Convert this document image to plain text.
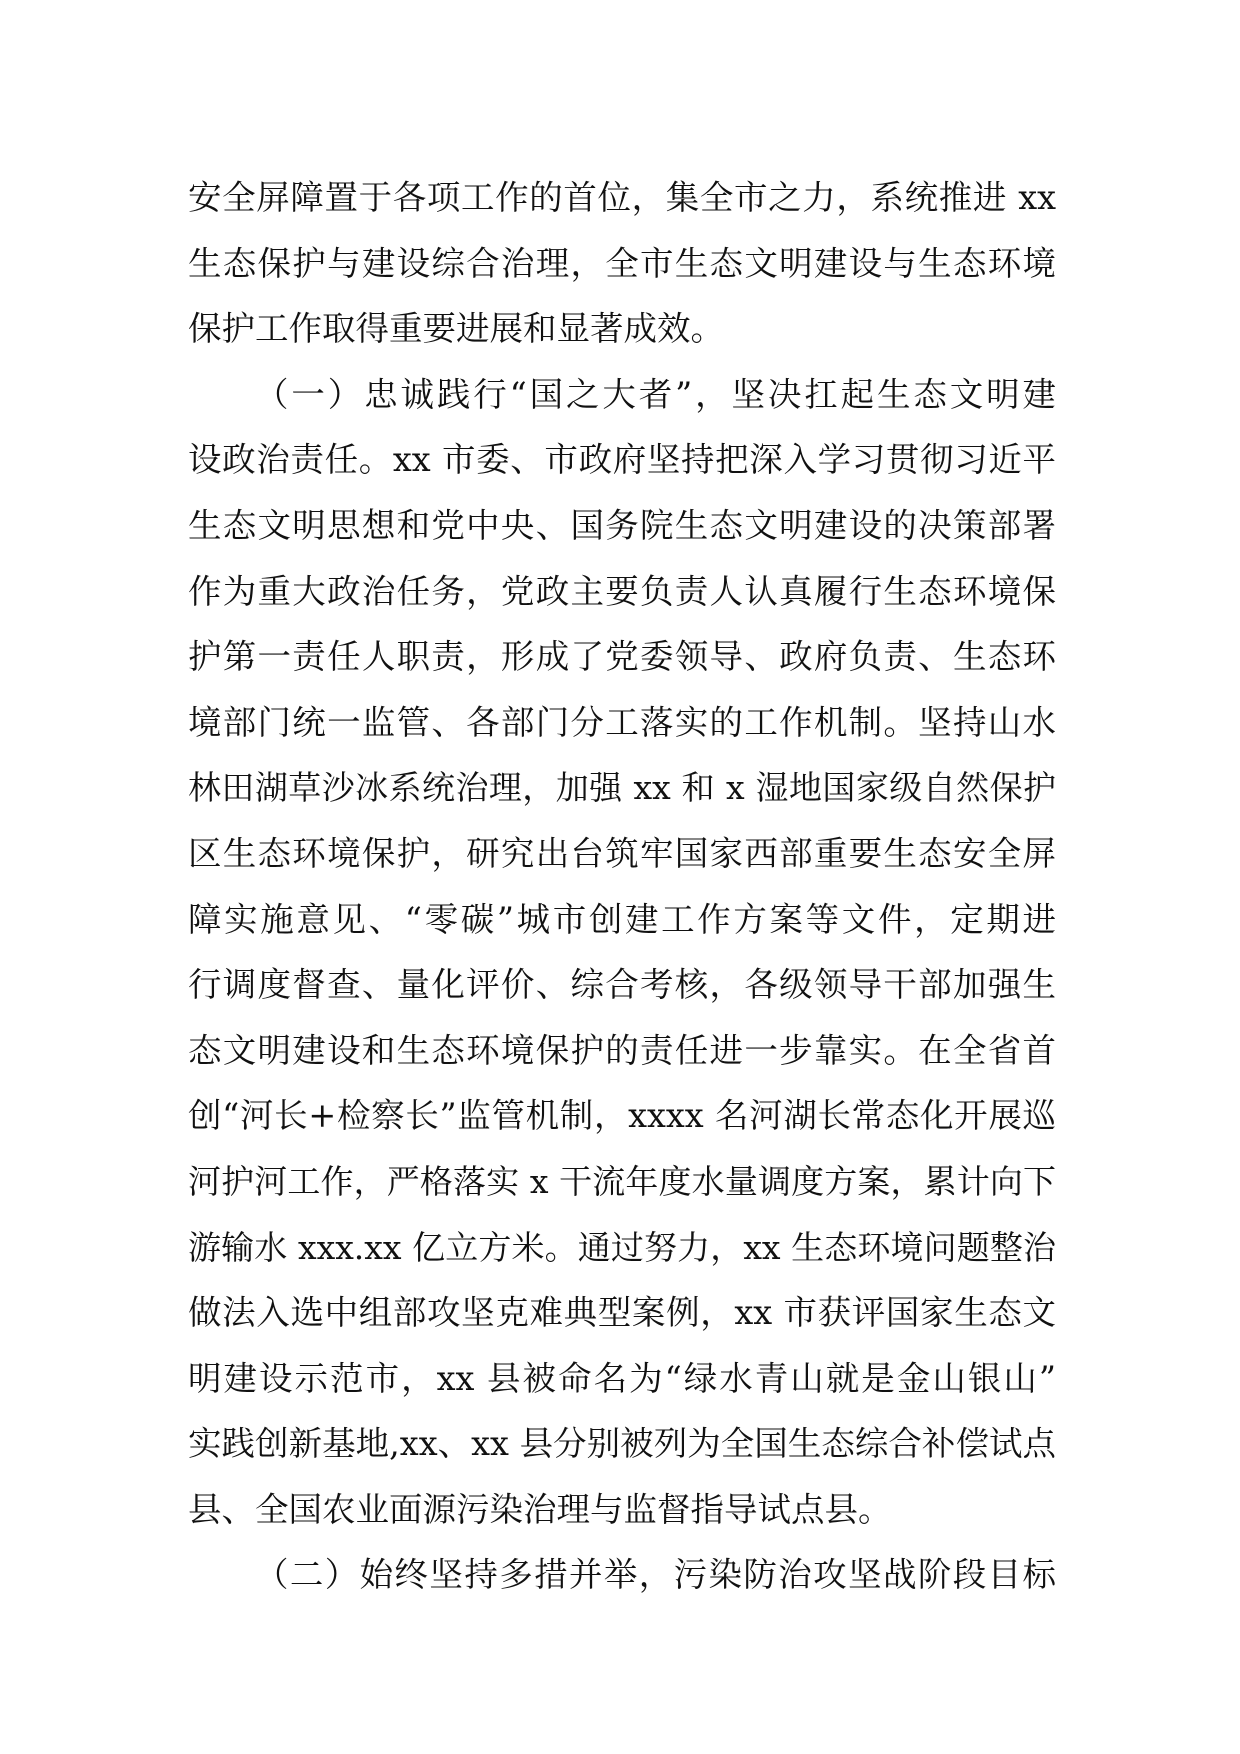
安全屏障置于各项工作的首位，集全市之力，系统推进 xx
生态保护与建设综合治理，全市生态文明建设与生态环境
保护工作取得重要进展和显著成效。
（一）忠诚践行“国之大者”，坚决扛起生态文明建
设政治责任。xx 市委、市政府坚持把深入学习贯彻习近平
生态文明思想和党中央、国务院生态文明建设的决策部署
作为重大政治任务，党政主要负责人认真履行生态环境保
护第一责任人职责，形成了党委领导、政府负责、生态环
境部门统一监管、各部门分工落实的工作机制。坚持山水
林田湖草沙冰系统治理，加强 xx 和 x 湿地国家级自然保护
区生态环境保护，研究出台筑牢国家西部重要生态安全屏
障实施意见、“零碳”城市创建工作方案等文件，定期进
行调度督查、量化评价、综合考核，各级领导干部加强生
态文明建设和生态环境保护的责任进一步靠实。在全省首
创“河长+检察长”监管机制，xxxx 名河湖长常态化开展巡
河护河工作，严格落实 x 干流年度水量调度方案，累计向下
游输水 xxx.xx 亿立方米。通过努力，xx 生态环境问题整治
做法入选中组部攻坚克难典型案例，xx 市获评国家生态文
明建设示范市，xx 县被命名为“绿水青山就是金山银山”
实践创新基地,xx、xx 县分别被列为全国生态综合补偿试点
县、全国农业面源污染治理与监督指导试点县。
（二）始终坚持多措并举，污染防治攻坚战阶段目标
